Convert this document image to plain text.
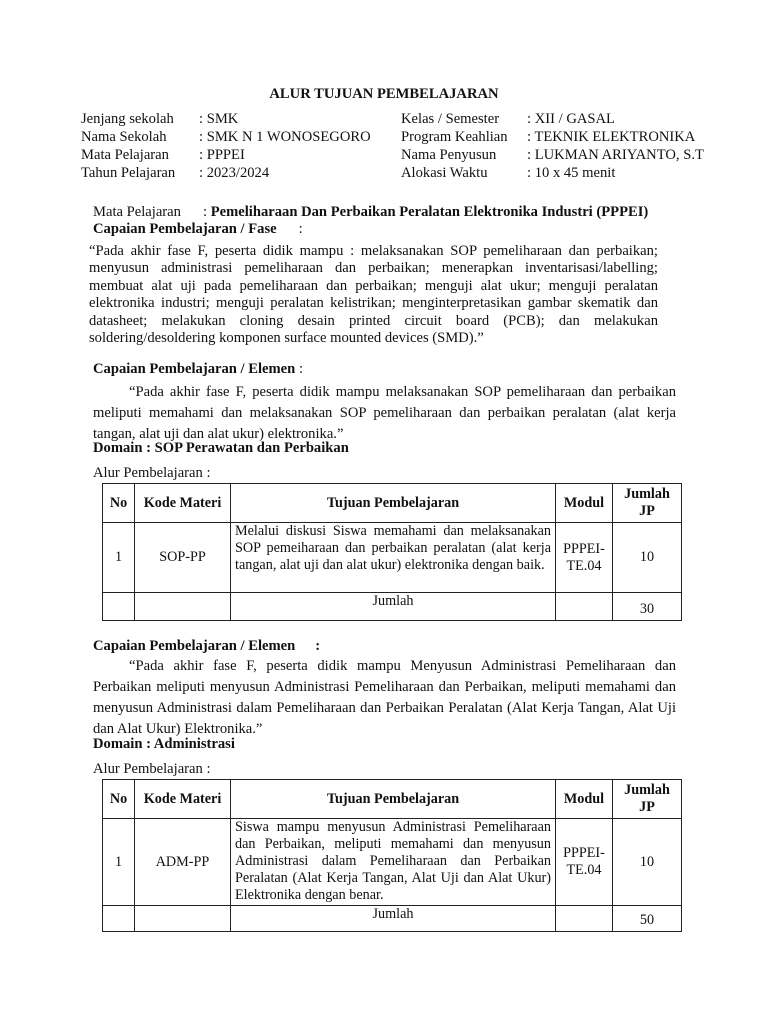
ALUR TUJUAN PEMBELAJARAN
Jenjang sekolah : SMK	Kelas / Semester : XII / GASAL
Nama Sekolah : SMK N 1 WONOSEGORO Program Keahlian : TEKNIK ELEKTRONIKA
Mata Pelajaran : PPPEI	Nama Penyusun : LUKMAN ARIYANTO, S.T
Tahun Pelajaran : 2023/2024	Alokasi Waktu	: 10 x 45 menit
Mata Pelajaran : Pemeliharaan Dan Perbaikan Peralatan Elektronika Industri (PPPEI)
Capaian Pembelajaran / Fase :
“Pada akhir fase F, peserta didik mampu : melaksanakan SOP pemeliharaan dan perbaikan; menyusun administrasi pemeliharaan dan perbaikan; menerapkan inventarisasi/labelling; membuat alat uji pada pemeliharaan dan perbaikan; menguji alat ukur; menguji peralatan elektronika industri; menguji peralatan kelistrikan; menginterpretasikan gambar skematik dan datasheet; melakukan cloning desain printed circuit board (PCB); dan melakukan soldering/desoldering komponen surface mounted devices (SMD).”
Capaian Pembelajaran / Elemen :
“Pada akhir fase F, peserta didik mampu melaksanakan SOP pemeliharaan dan perbaikan meliputi memahami dan melaksanakan SOP pemeliharaan dan perbaikan peralatan (alat kerja tangan, alat uji dan alat ukur) elektronika.”
Domain : SOP Perawatan dan Perbaikan
Alur Pembelajaran :
No	Kode Materi	Tujuan Pembelajaran	Modul	Jumlah JP
1	SOP-PP	Melalui diskusi Siswa memahami dan melaksanakan SOP pemeiharaan dan perbaikan peralatan (alat kerja tangan, alat uji dan alat ukur) elektronika dengan baik.	PPPEI-TE.04	10
		Jumlah		30
Capaian Pembelajaran / Elemen :
“Pada akhir fase F, peserta didik mampu Menyusun Administrasi Pemeliharaan dan Perbaikan meliputi menyusun Administrasi Pemeliharaan dan Perbaikan, meliputi memahami dan menyusun Administrasi dalam Pemeliharaan dan Perbaikan Peralatan (Alat Kerja Tangan, Alat Uji dan Alat Ukur) Elektronika.”
Domain : Administrasi
Alur Pembelajaran :
No	Kode Materi	Tujuan Pembelajaran	Modul	Jumlah JP
1	ADM-PP	Siswa mampu menyusun Administrasi Pemeliharaan dan Perbaikan, meliputi memahami dan menyusun Administrasi dalam Pemeliharaan dan Perbaikan Peralatan (Alat Kerja Tangan, Alat Uji dan Alat Ukur) Elektronika dengan benar.	PPPEI-TE.04	10
		Jumlah		50
